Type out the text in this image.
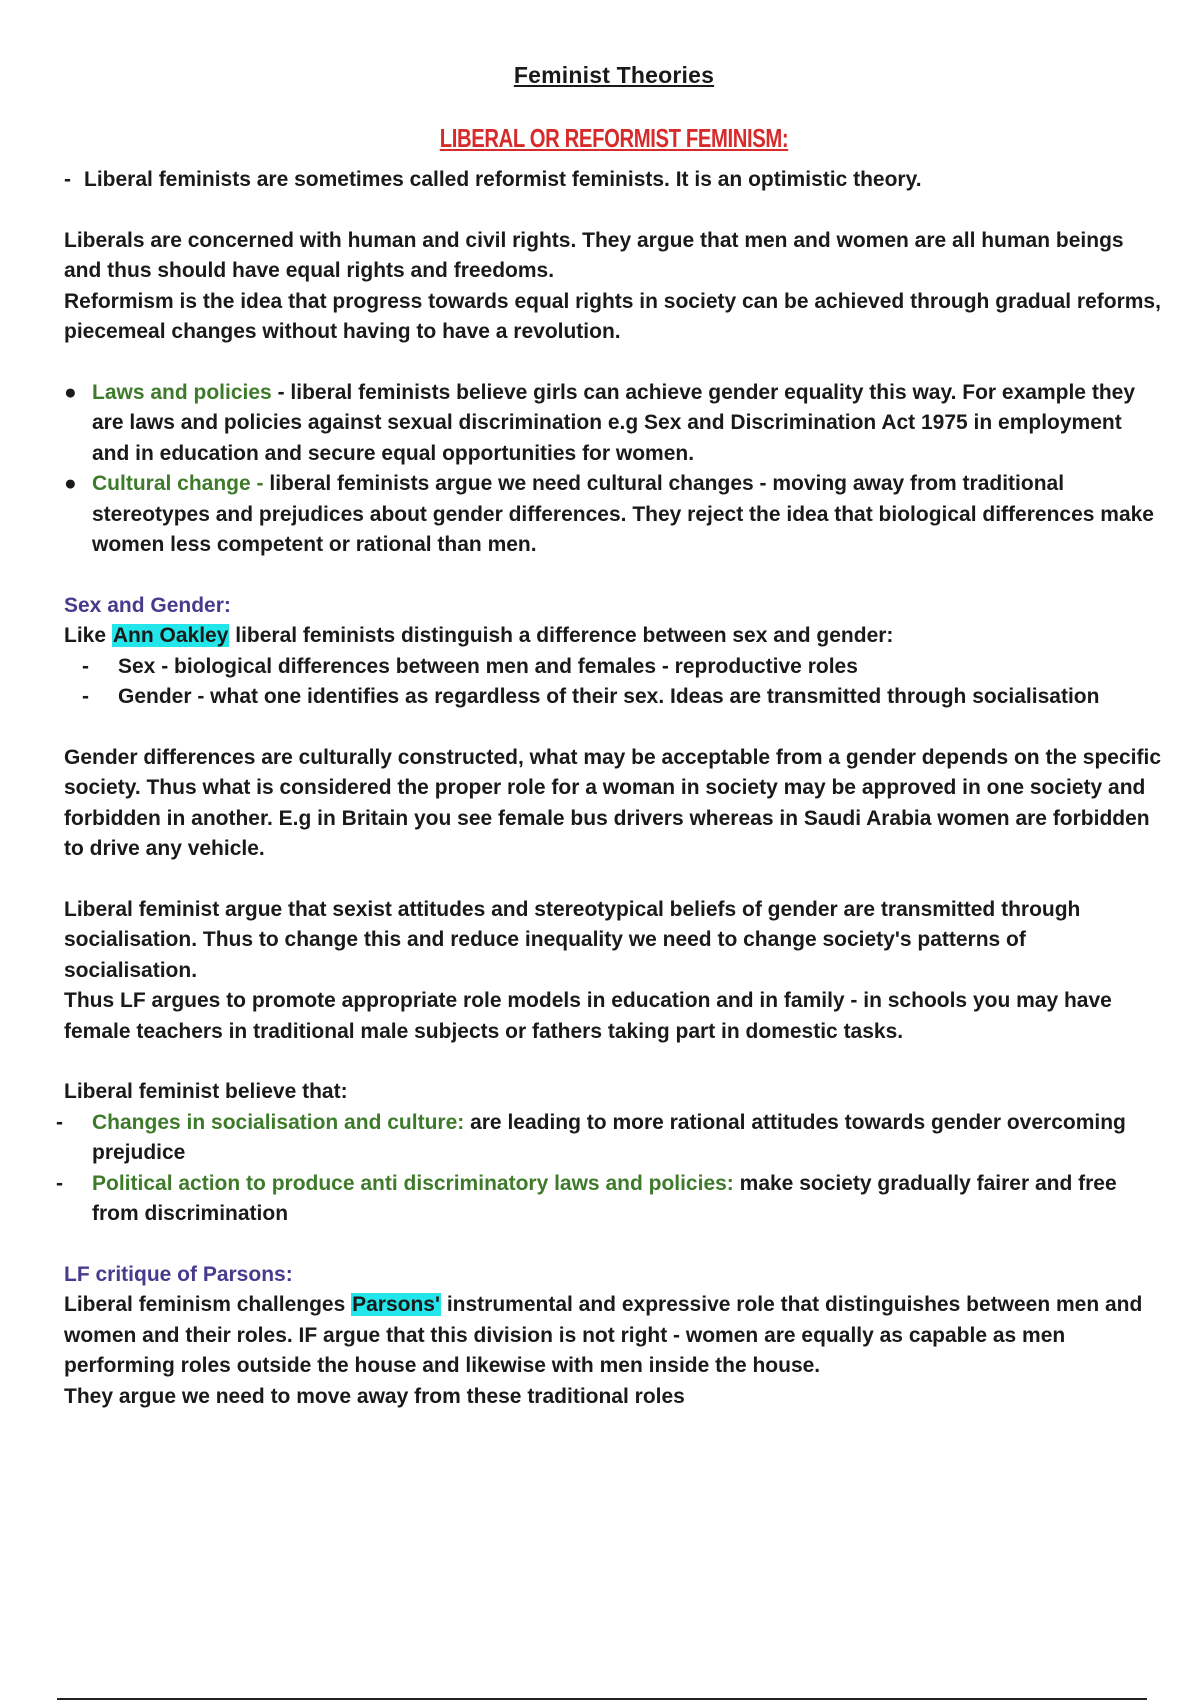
Feminist Theories
LIBERAL OR REFORMIST FEMINISM:

- Liberal feminists are sometimes called reformist feminists. It is an optimistic theory.

Liberals are concerned with human and civil rights. They argue that men and women are all human beings and thus should have equal rights and freedoms.

Reformism is the idea that progress towards equal rights in society can be achieved through gradual reforms, piecemeal changes without having to have a revolution.

● Laws and policies - liberal feminists believe girls can achieve gender equality this way. For example they are laws and policies against sexual discrimination e.g Sex and Discrimination Act 1975 in employment and in education and secure equal opportunities for women.
● Cultural change - liberal feminists argue we need cultural changes - moving away from traditional stereotypes and prejudices about gender differences. They reject the idea that biological differences make women less competent or rational than men.

Sex and Gender:

Like Ann Oakley liberal feminists distinguish a difference between sex and gender:

- Sex - biological differences between men and females - reproductive roles
- Gender - what one identifies as regardless of their sex. Ideas are transmitted through socialisation

Gender differences are culturally constructed, what may be acceptable from a gender depends on the specific society. Thus what is considered the proper role for a woman in society may be approved in one society and forbidden in another. E.g in Britain you see female bus drivers whereas in Saudi Arabia women are forbidden to drive any vehicle.

Liberal feminist argue that sexist attitudes and stereotypical beliefs of gender are transmitted through socialisation. Thus to change this and reduce inequality we need to change society's patterns of socialisation.

Thus LF argues to promote appropriate role models in education and in family - in schools you may have female teachers in traditional male subjects or fathers taking part in domestic tasks.

Liberal feminist believe that:

- Changes in socialisation and culture: are leading to more rational attitudes towards gender overcoming prejudice
- Political action to produce anti discriminatory laws and policies: make society gradually fairer and free from discrimination

LF critique of Parsons:

Liberal feminism challenges Parsons' instrumental and expressive role that distinguishes between men and women and their roles. IF argue that this division is not right - women are equally as capable as men performing roles outside the house and likewise with men inside the house.

They argue we need to move away from these traditional roles
